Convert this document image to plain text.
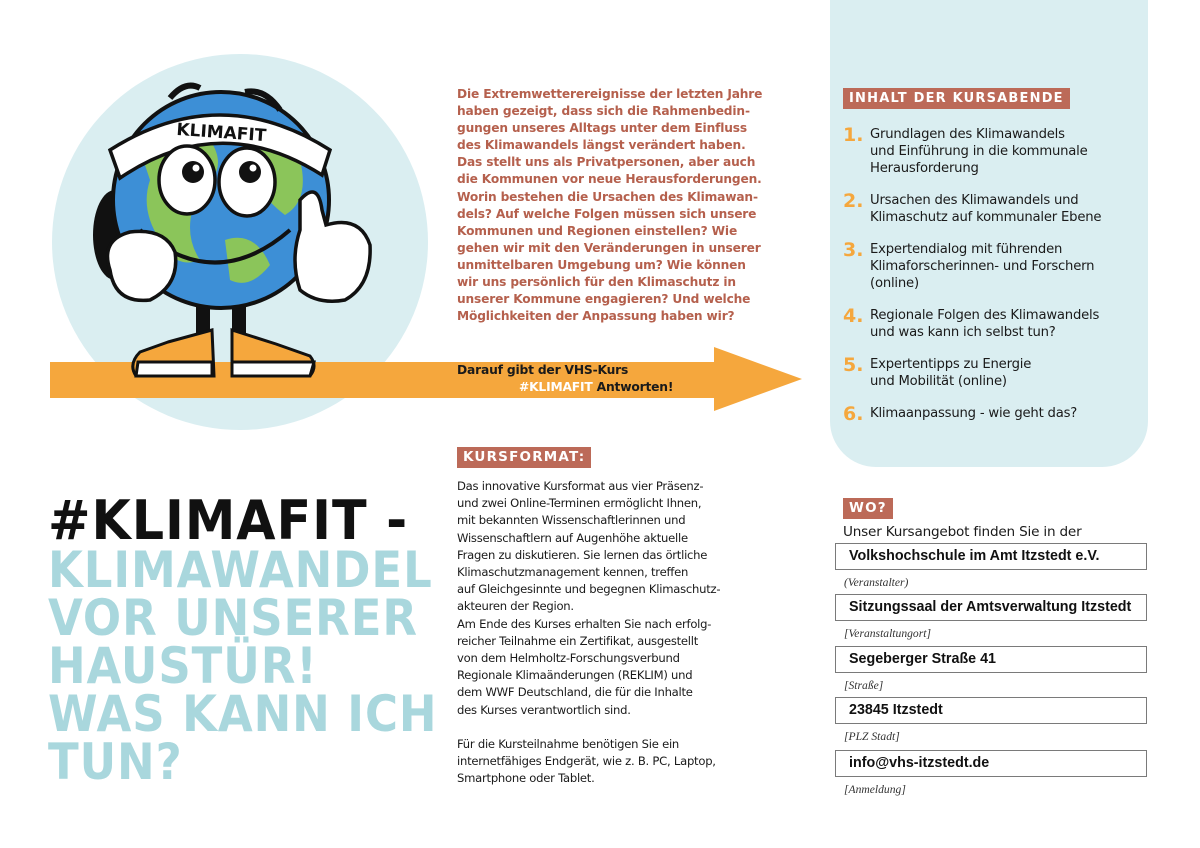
KLIMAFIT
Die Extremwetterereignisse der letzten Jahre
haben gezeigt, dass sich die Rahmenbedin-
gungen unseres Alltags unter dem Einfluss
des Klimawandels längst verändert haben.
Das stellt uns als Privatpersonen, aber auch
die Kommunen vor neue Herausforderungen.
Worin bestehen die Ursachen des Klimawan-
dels? Auf welche Folgen müssen sich unsere
Kommunen und Regionen einstellen? Wie
gehen wir mit den Veränderungen in unserer
unmittelbaren Umgebung um? Wie können
wir uns persönlich für den Klimaschutz in
unserer Kommune engagieren? Und welche
Möglichkeiten der Anpassung haben wir?
Darauf gibt der VHS-Kurs
#KLIMAFIT Antworten!
INHALT DER KURSABENDE
1. Grundlagen des Klimawandels
und Einführung in die kommunale
Herausforderung
2. Ursachen des Klimawandels und
Klimaschutz auf kommunaler Ebene
3. Expertendialog mit führenden
Klimaforscherinnen- und Forschern
(online)
4. Regionale Folgen des Klimawandels
und was kann ich selbst tun?
5. Expertentipps zu Energie
und Mobilität (online)
6. Klimaanpassung - wie geht das?
KURSFORMAT:
Das innovative Kursformat aus vier Präsenz-
und zwei Online-Terminen ermöglicht Ihnen,
mit bekannten Wissenschaftlerinnen und
Wissenschaftlern auf Augenhöhe aktuelle
Fragen zu diskutieren. Sie lernen das örtliche
Klimaschutzmanagement kennen, treffen
auf Gleichgesinnte und begegnen Klimaschutz-
akteuren der Region.
Am Ende des Kurses erhalten Sie nach erfolg-
reicher Teilnahme ein Zertifikat, ausgestellt
von dem Helmholtz-Forschungsverbund
Regionale Klimaänderungen (REKLIM) und
dem WWF Deutschland, die für die Inhalte
des Kurses verantwortlich sind.
Für die Kursteilnahme benötigen Sie ein
internetfähiges Endgerät, wie z. B. PC, Laptop,
Smartphone oder Tablet.
#KLIMAFIT -
KLIMAWANDEL
VOR UNSERER
HAUSTÜR!
WAS KANN ICH
TUN?
WO?
Unser Kursangebot finden Sie in der
Volkshochschule im Amt Itzstedt e.V.
(Veranstalter)
Sitzungssaal der Amtsverwaltung Itzstedt
[Veranstaltungort]
Segeberger Straße 41
[Straße]
23845 Itzstedt
[PLZ Stadt]
info@vhs-itzstedt.de
[Anmeldung]
